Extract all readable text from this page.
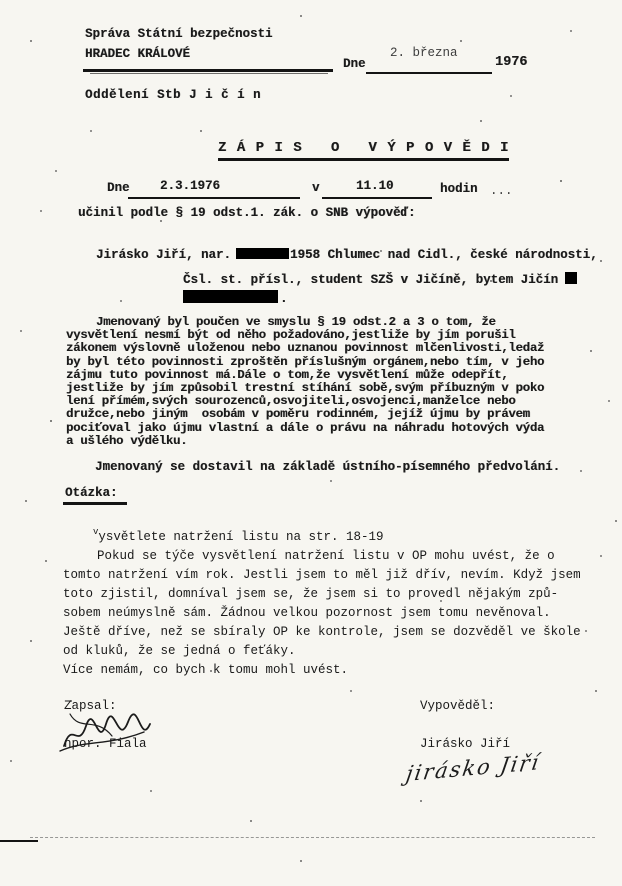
Správa Státní bezpečnosti
HRADEC KRÁLOVÉ
Oddělení Stb J i č í n
Dne
2. března
1976
Z Á P I S   O   V Ý P O V Ě D I
Dne 2.3.1976	v	11.10	hodin ...
učinil podle § 19 odst.1. zák. o SNB výpověď:

Jirásko Jiří, nar.	1958 Chlumec nad Cidl., české národnosti,

Čsl. st. přísl., student SZŠ v Jičíně, bytem Jičín

.

Jmenovaný byl poučen ve smyslu § 19 odst.2 a 3 o tom, že
vysvětlení nesmí být od něho požadováno,jestliže by jím porušil
zákonem výslovně uloženou nebo uznanou povinnost mlčenlivosti,ledaž
by byl této povinnosti zproštěn příslušným orgánem,nebo tím, v jeho
zájmu tuto povinnost má.Dále o tom,že vysvětlení může odepřít,
jestliže by jím způsobil trestní stíhání sobě,svým příbuzným v poko
lení přímém,svých sourozenců,osvojiteli,osvojenci,manželce nebo
družce,nebo jiným  osobám v poměru rodinném, jejíž újmu by právem
pociťoval jako újmu vlastní a dále o právu na náhradu hotových výda
a ušlého výdělku.
Jmenovaný se dostavil na základě ústního-písemného předvolání.
Otázka:

$^v$ysvětlete natržení listu na str. 18-19

Pokud se týče vysvětlení natržení listu v OP mohu uvést, že o
tomto natržení vím rok. Jestli jsem to měl již dřív, nevím. Když jsem
toto zjistil, domníval jsem se, že jsem si to provedl nějakým způ-
sobem neúmyslně sám. Žádnou velkou pozornost jsem tomu nevěnoval.
Ještě dříve, než se sbíraly OP ke kontrole, jsem se dozvěděl ve škole
od kluků, že se jedná o feťáky.
Více nemám, co bych k tomu mohl uvést.
Zapsal:
npor. Fiala
Vypověděl:
Jirásko Jiří
jirásko Jiří
